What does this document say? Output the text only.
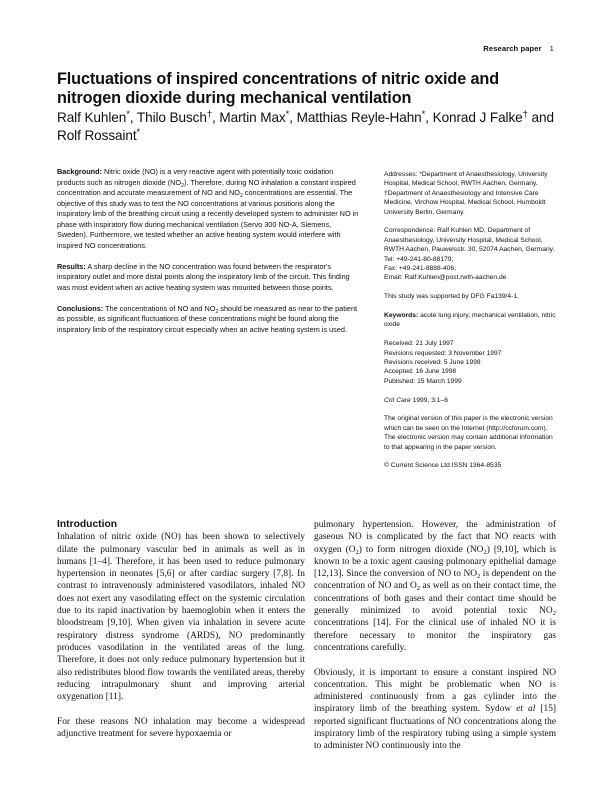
Research paper 1
Fluctuations of inspired concentrations of nitric oxide and
nitrogen dioxide during mechanical ventilation

Ralf Kuhlen*, Thilo Busch†, Martin Max*, Matthias Reyle-Hahn*, Konrad J Falke† and Rolf Rossaint*

Background: Nitric oxide (NO) is a very reactive agent with potentially toxic oxidation products such as nitrogen dioxide $(NO_2)$. Therefore, during NO inhalation a constant inspired concentration and accurate measurement of NO and $NO_2$ concentrations are essential. The objective of this study was to test the NO concentrations at various positions along the inspiratory limb of the breathing circuit using a recently developed system to administer NO in phase with inspiratory flow during mechanical ventilation (Servo 300 NO-A, Siemens, Sweden). Furthermore, we tested whether an active heating system would interfere with inspired NO concentrations.

Results: A sharp decline in the NO concentration was found between the respirator's inspiratory outlet and more distal points along the inspiratory limb of the circuit. This finding was most evident when an active heating system was mounted between those points.

Conclusions: The concentrations of NO and $NO_2$ should be measured as near to the patient as possible, as significant fluctuations of these concentrations might be found along the inspiratory limb of the respiratory circuit especially when an active heating system is used.

Addresses: *Department of Anaesthesiology, University Hospital, Medical School, RWTH Aachen, Germany. †Department of Anaesthesiology and Intensive Care Medicine, Virchow Hospital, Medical School, Humboldt University Berlin, Germany.

Correspondence: Ralf Kuhlen MD, Department of Anaesthesiology, University Hospital, Medical School, RWTH Aachen, Pauwelsstr. 30, 52074 Aachen, Germany. Tel: +49-241-80-88179;
Fax: +49-241-8888-406;
Email: Ralf.Kuhlen@post.rwth-aachen.de

This study was supported by DFG Fa139/4-1.

Keywords: acute lung injury, mechanical ventilation, nitric oxide

Received: 21 July 1997
Revisions requested: 3 November 1997
Revisions received: 5 June 1998
Accepted: 16 June 1998
Published: 15 March 1999

Crit Care 1999, 3:1–6

The original version of this paper is the electronic version which can be seen on the Internet (http://ccforum.com). The electronic version may contain additional information to that appearing in the paper version.

© Current Science Ltd ISSN 1364-8535

Introduction

Inhalation of nitric oxide (NO) has been shown to selectively dilate the pulmonary vascular bed in animals as well as in humans [1–4]. Therefore, it has been used to reduce pulmonary hypertension in neonates [5,6] or after cardiac surgery [7,8]. In contrast to intravenously administered vasodilators, inhaled NO does not exert any vasodilating effect on the systemic circulation due to its rapid inactivation by haemoglobin when it enters the bloodstream [9,10]. When given via inhalation in severe acute respiratory distress syndrome (ARDS), NO predominantly produces vasodilation in the ventilated areas of the lung. Therefore, it does not only reduce pulmonary hypertension but it also redistributes blood flow towards the ventilated areas, thereby reducing intrapulmonary shunt and improving arterial oxygenation [11].

For these reasons NO inhalation may become a widespread adjunctive treatment for severe hypoxaemia or

pulmonary hypertension. However, the administration of gaseous NO is complicated by the fact that NO reacts with oxygen $(O_2)$ to form nitrogen dioxide $(NO_2)$ [9,10], which is known to be a toxic agent causing pulmonary epithelial damage [12,13]. Since the conversion of NO to $NO_2$ is dependent on the concentration of NO and $O_2$ as well as on their contact time, the concentrations of both gases and their contact time should be generally minimized to avoid potential toxic $NO_2$ concentrations [14]. For the clinical use of inhaled NO it is therefore necessary to monitor the inspiratory gas concentrations carefully.

Obviously, it is important to ensure a constant inspired NO concentration. This might be problematic when NO is administered continuously from a gas cylinder into the inspiratory limb of the breathing system. Sydow et al [15] reported significant fluctuations of NO concentrations along the inspiratory limb of the respiratory tubing using a simple system to administer NO continuously into the
